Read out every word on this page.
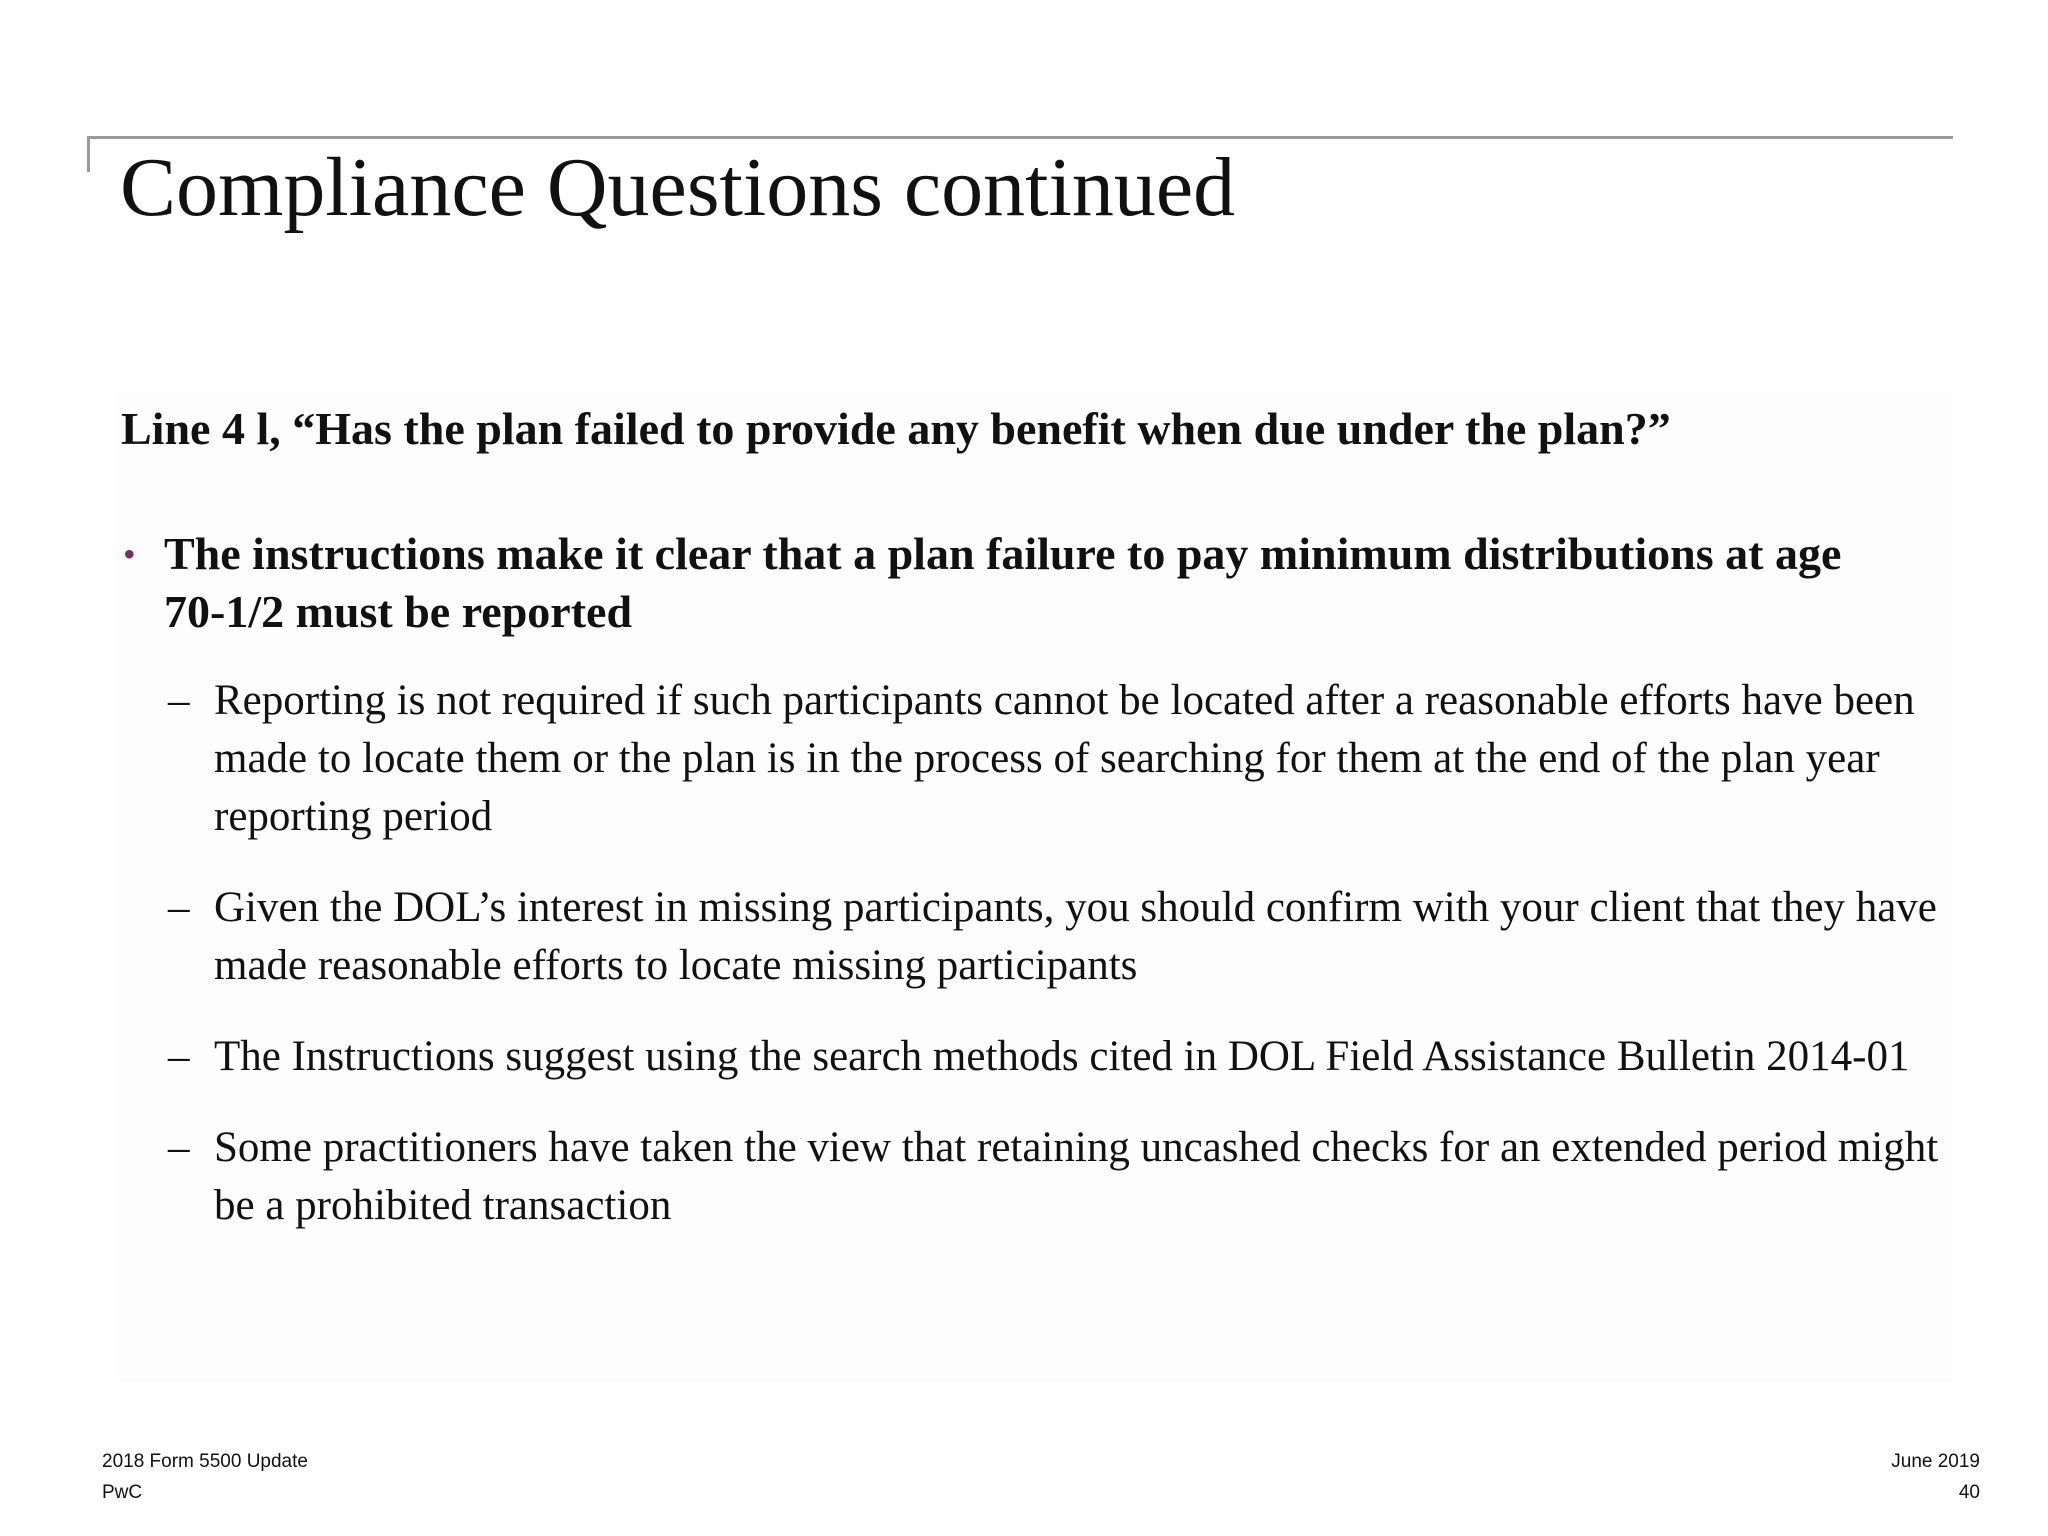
Compliance Questions continued

Line 4 l, “Has the plan failed to provide any benefit when due under the plan?”

• The instructions make it clear that a plan failure to pay minimum distributions at age 70-1/2 must be reported
– Reporting is not required if such participants cannot be located after a reasonable efforts have been made to locate them or the plan is in the process of searching for them at the end of the plan year reporting period
– Given the DOL’s interest in missing participants, you should confirm with your client that they have made reasonable efforts to locate missing participants
– The Instructions suggest using the search methods cited in DOL Field Assistance Bulletin 2014-01
– Some practitioners have taken the view that retaining uncashed checks for an extended period might be a prohibited transaction
2018 Form 5500 Update
PwC
June 2019
40
